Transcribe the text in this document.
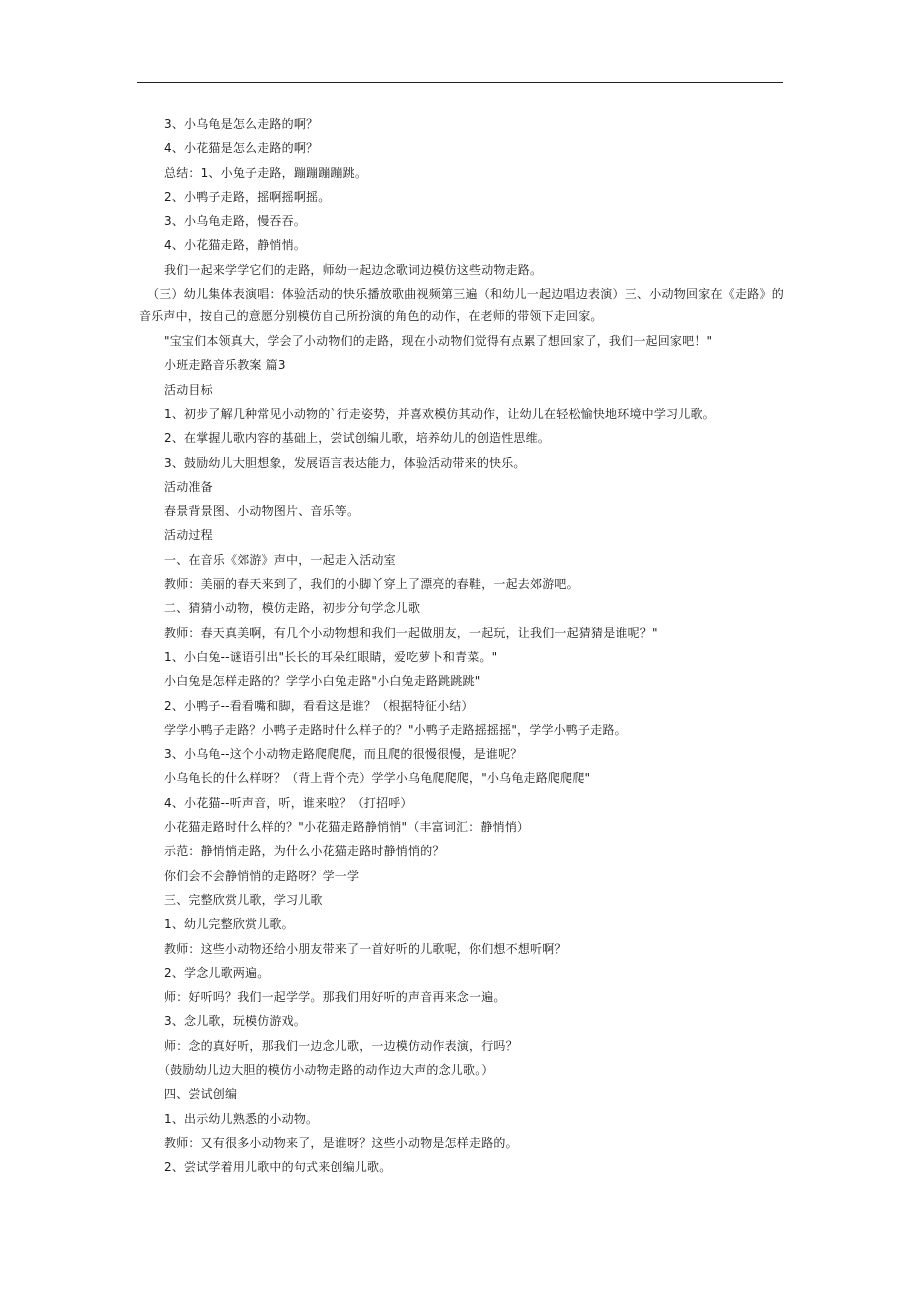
3、小乌龟是怎么走路的啊？

4、小花猫是怎么走路的啊？

总结：1、小兔子走路，蹦蹦蹦蹦跳。

2、小鸭子走路，摇啊摇啊摇。

3、小乌龟走路，慢吞吞。

4、小花猫走路，静悄悄。

我们一起来学学它们的走路，师幼一起边念歌词边模仿这些动物走路。

（三）幼儿集体表演唱：体验活动的快乐播放歌曲视频第三遍（和幼儿一起边唱边表演）三、小动物回家在《走路》的音乐声中，按自己的意愿分别模仿自己所扮演的角色的动作，在老师的带领下走回家。

"宝宝们本领真大，学会了小动物们的走路，现在小动物们觉得有点累了想回家了，我们一起回家吧！"

小班走路音乐教案 篇3

活动目标

1、初步了解几种常见小动物的`行走姿势，并喜欢模仿其动作，让幼儿在轻松愉快地环境中学习儿歌。

2、在掌握儿歌内容的基础上，尝试创编儿歌，培养幼儿的创造性思维。

3、鼓励幼儿大胆想象，发展语言表达能力，体验活动带来的快乐。

活动准备

春景背景图、小动物图片、音乐等。

活动过程

一、在音乐《郊游》声中，一起走入活动室

教师：美丽的春天来到了，我们的小脚丫穿上了漂亮的春鞋，一起去郊游吧。

二、猜猜小动物，模仿走路，初步分句学念儿歌

教师：春天真美啊，有几个小动物想和我们一起做朋友，一起玩，让我们一起猜猜是谁呢？"

1、小白兔--谜语引出"长长的耳朵红眼睛，爱吃萝卜和青菜。"

小白兔是怎样走路的？学学小白兔走路"小白兔走路跳跳跳"

2、小鸭子--看看嘴和脚，看看这是谁？（根据特征小结）

学学小鸭子走路？小鸭子走路时什么样子的？"小鸭子走路摇摇摇"，学学小鸭子走路。

3、小乌龟--这个小动物走路爬爬爬，而且爬的很慢很慢，是谁呢？

小乌龟长的什么样呀？（背上背个壳）学学小乌龟爬爬爬，"小乌龟走路爬爬爬"

4、小花猫--听声音，听，谁来啦？（打招呼）

小花猫走路时什么样的？"小花猫走路静悄悄"（丰富词汇：静悄悄）

示范：静悄悄走路，为什么小花猫走路时静悄悄的？

你们会不会静悄悄的走路呀？学一学

三、完整欣赏儿歌，学习儿歌

1、幼儿完整欣赏儿歌。

教师：这些小动物还给小朋友带来了一首好听的儿歌呢，你们想不想听啊？

2、学念儿歌两遍。

师：好听吗？我们一起学学。那我们用好听的声音再来念一遍。

3、念儿歌，玩模仿游戏。

师：念的真好听，那我们一边念儿歌，一边模仿动作表演，行吗？

（鼓励幼儿边大胆的模仿小动物走路的动作边大声的念儿歌。）

四、尝试创编

1、出示幼儿熟悉的小动物。

教师：又有很多小动物来了，是谁呀？这些小动物是怎样走路的。

2、尝试学着用儿歌中的句式来创编儿歌。
